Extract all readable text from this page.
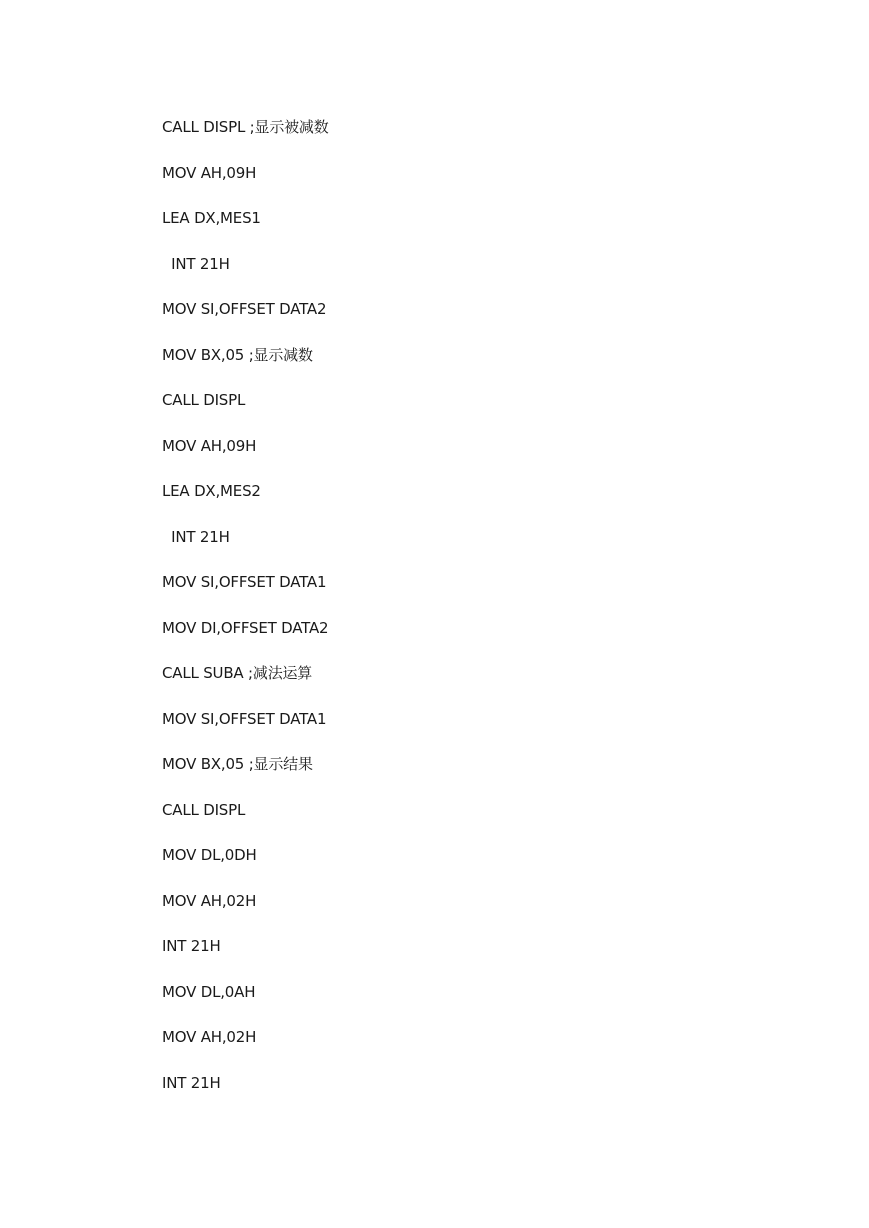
CALL DISPL ;显示被减数
MOV AH,09H
LEA DX,MES1
INT 21H
MOV SI,OFFSET DATA2
MOV BX,05 ;显示减数
CALL DISPL
MOV AH,09H
LEA DX,MES2
INT 21H
MOV SI,OFFSET DATA1
MOV DI,OFFSET DATA2
CALL SUBA ;减法运算
MOV SI,OFFSET DATA1
MOV BX,05 ;显示结果
CALL DISPL
MOV DL,0DH
MOV AH,02H
INT 21H
MOV DL,0AH
MOV AH,02H
INT 21H
